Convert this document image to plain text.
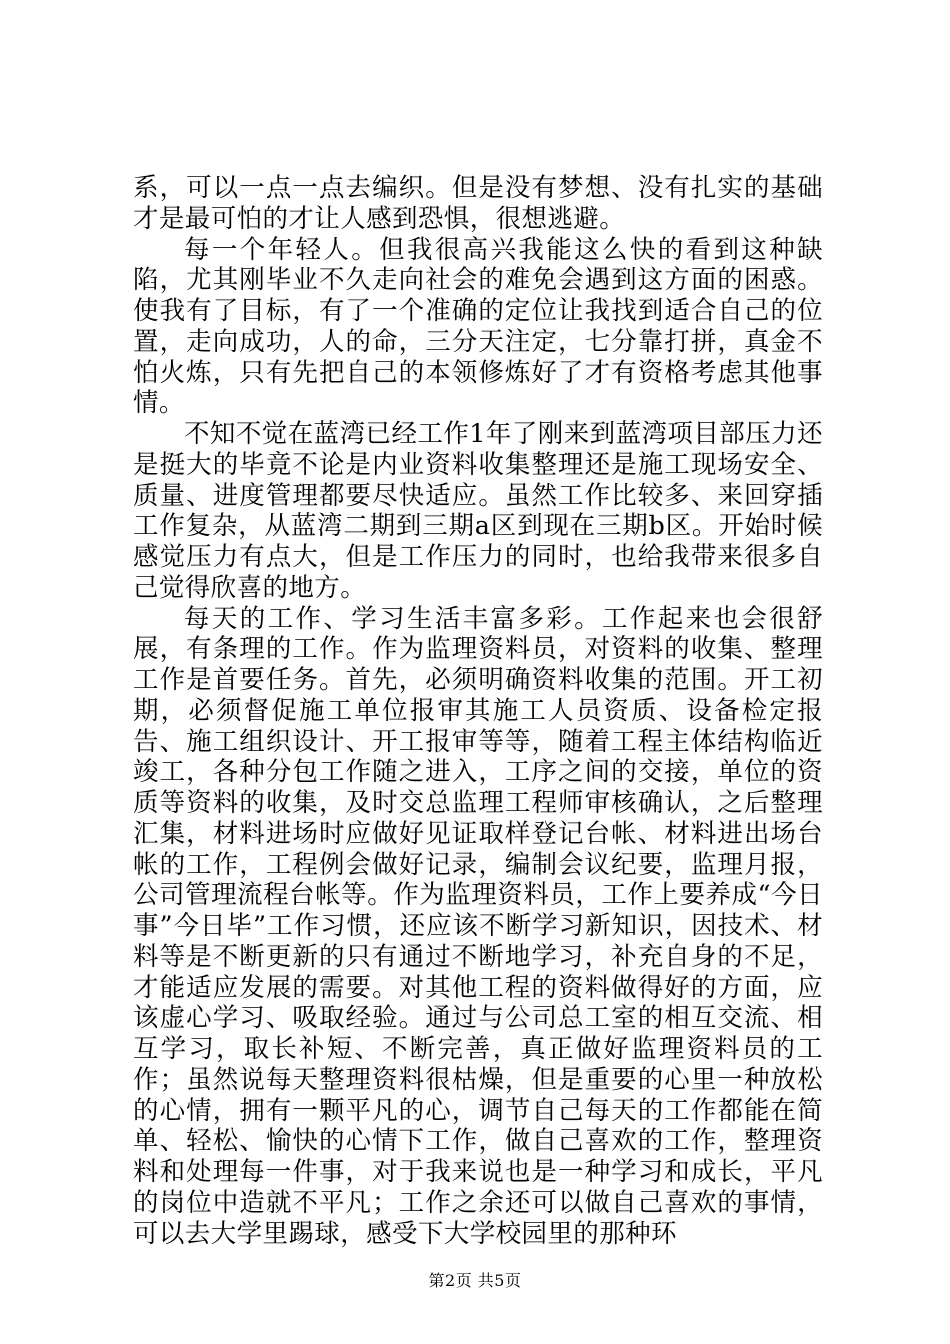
系，可以一点一点去编织。但是没有梦想、没有扎实的基础才是最可怕的才让人感到恐惧，很想逃避。

每一个年轻人。但我很高兴我能这么快的看到这种缺陷，尤其刚毕业不久走向社会的难免会遇到这方面的困惑。使我有了目标，有了一个准确的定位让我找到适合自己的位置，走向成功，人的命，三分天注定，七分靠打拼，真金不怕火炼，只有先把自己的本领修炼好了才有资格考虑其他事情。

不知不觉在蓝湾已经工作1年了刚来到蓝湾项目部压力还是挺大的毕竟不论是内业资料收集整理还是施工现场安全、质量、进度管理都要尽快适应。虽然工作比较多、来回穿插工作复杂，从蓝湾二期到三期a区到现在三期b区。开始时候感觉压力有点大，但是工作压力的同时，也给我带来很多自己觉得欣喜的地方。

每天的工作、学习生活丰富多彩。工作起来也会很舒展，有条理的工作。作为监理资料员，对资料的收集、整理工作是首要任务。首先，必须明确资料收集的范围。开工初期，必须督促施工单位报审其施工人员资质、设备检定报告、施工组织设计、开工报审等等，随着工程主体结构临近竣工，各种分包工作随之进入，工序之间的交接，单位的资质等资料的收集，及时交总监理工程师审核确认，之后整理汇集，材料进场时应做好见证取样登记台帐、材料进出场台帐的工作，工程例会做好记录，编制会议纪要，监理月报，公司管理流程台帐等。作为监理资料员，工作上要养成“今日事”今日毕”工作习惯，还应该不断学习新知识，因技术、材料等是不断更新的只有通过不断地学习，补充自身的不足，才能适应发展的需要。对其他工程的资料做得好的方面，应该虚心学习、吸取经验。通过与公司总工室的相互交流、相互学习，取长补短、不断完善，真正做好监理资料员的工作；虽然说每天整理资料很枯燥，但是重要的心里一种放松的心情，拥有一颗平凡的心，调节自己每天的工作都能在简单、轻松、愉快的心情下工作，做自己喜欢的工作，整理资料和处理每一件事，对于我来说也是一种学习和成长，平凡的岗位中造就不平凡；工作之余还可以做自己喜欢的事情，可以去大学里踢球，感受下大学校园里的那种环

第2页 共5页
